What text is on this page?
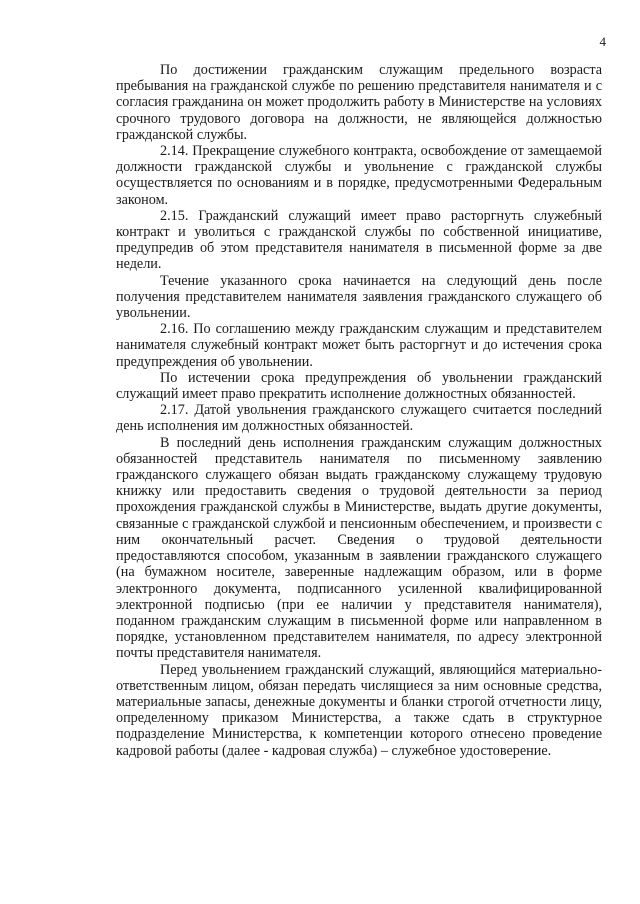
4

По достижении гражданским служащим предельного возраста пребывания на гражданской службе по решению представителя нанимателя и с согласия гражданина он может продолжить работу в Министерстве на условиях срочного трудового договора на должности, не являющейся должностью гражданской службы.

2.14. Прекращение служебного контракта, освобождение от замещаемой должности гражданской службы и увольнение с гражданской службы осуществляется по основаниям и в порядке, предусмотренными Федеральным законом.

2.15. Гражданский служащий имеет право расторгнуть служебный контракт и уволиться с гражданской службы по собственной инициативе, предупредив об этом представителя нанимателя в письменной форме за две недели.

Течение указанного срока начинается на следующий день после получения представителем нанимателя заявления гражданского служащего об увольнении.

2.16. По соглашению между гражданским служащим и представителем нанимателя служебный контракт может быть расторгнут и до истечения срока предупреждения об увольнении.

По истечении срока предупреждения об увольнении гражданский служащий имеет право прекратить исполнение должностных обязанностей.

2.17. Датой увольнения гражданского служащего считается последний день исполнения им должностных обязанностей.

В последний день исполнения гражданским служащим должностных обязанностей представитель нанимателя по письменному заявлению гражданского служащего обязан выдать гражданскому служащему трудовую книжку или предоставить сведения о трудовой деятельности за период прохождения гражданской службы в Министерстве, выдать другие документы, связанные с гражданской службой и пенсионным обеспечением, и произвести с ним окончательный расчет. Сведения о трудовой деятельности предоставляются способом, указанным в заявлении гражданского служащего (на бумажном носителе, заверенные надлежащим образом, или в форме электронного документа, подписанного усиленной квалифицированной электронной подписью (при ее наличии у представителя нанимателя), поданном гражданским служащим в письменной форме или направленном в порядке, установленном представителем нанимателя, по адресу электронной почты представителя нанимателя.

Перед увольнением гражданский служащий, являющийся материально-ответственным лицом, обязан передать числящиеся за ним основные средства, материальные запасы, денежные документы и бланки строгой отчетности лицу, определенному приказом Министерства, а также сдать в структурное подразделение Министерства, к компетенции которого отнесено проведение кадровой работы (далее - кадровая служба) – служебное удостоверение.
